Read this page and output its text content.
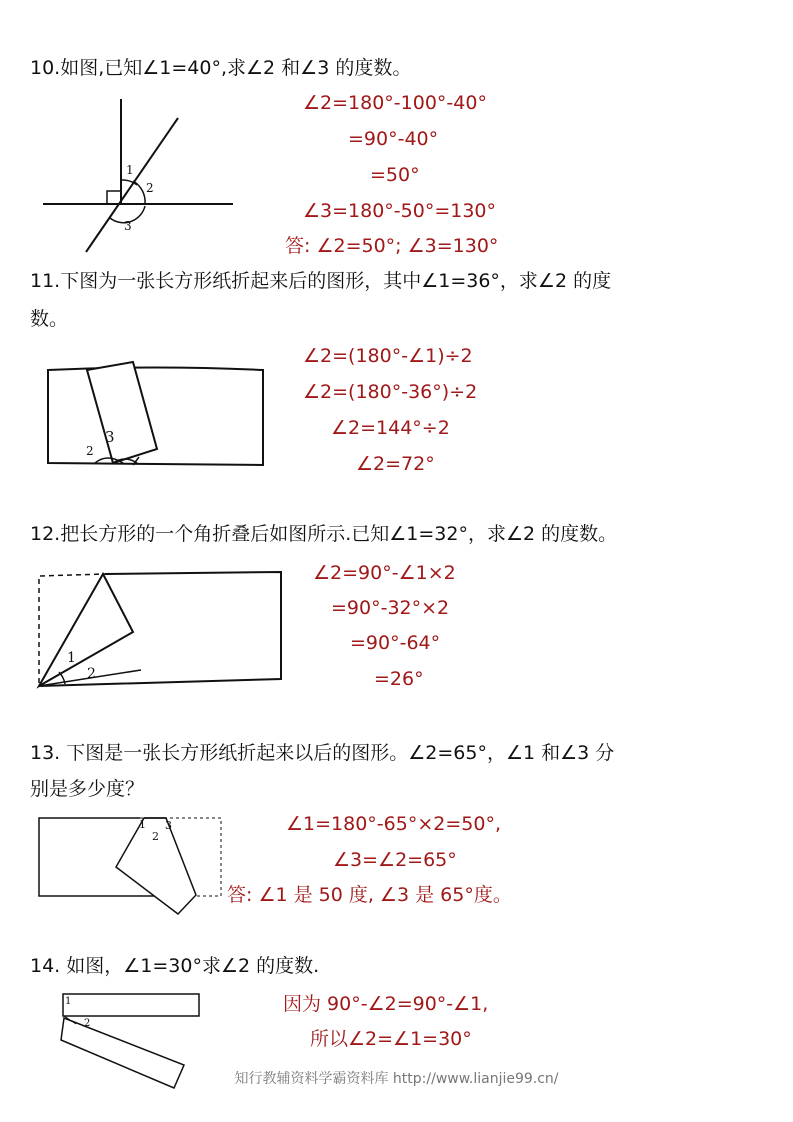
10.如图,已知∠1=40°,求∠2 和∠3 的度数。
1
2
3
∠2=180°-100°-40°
=90°-40°
=50°
∠3=180°-50°=130°
答: ∠2=50°; ∠3=130°
11.下图为一张长方形纸折起来后的图形，其中∠1=36°，求∠2 的度
数。
3
2
∠2=(180°-∠1)÷2
∠2=(180°-36°)÷2
∠2=144°÷2
∠2=72°
12.把长方形的一个角折叠后如图所示.已知∠1=32°，求∠2 的度数。
1
2
∠2=90°-∠1×2
=90°-32°×2
=90°-64°
=26°
13. 下图是一张长方形纸折起来以后的图形。∠2=65°，∠1 和∠3 分
别是多少度？
1 3
2
∠1=180°-65°×2=50°,
∠3=∠2=65°
答: ∠1 是 50 度, ∠3 是 65°度。
14. 如图，∠1=30°求∠2 的度数.
1
2
因为 90°-∠2=90°-∠1,
所以∠2=∠1=30°
知行教辅资料学霸资料库 http://www.lianjie99.cn/
